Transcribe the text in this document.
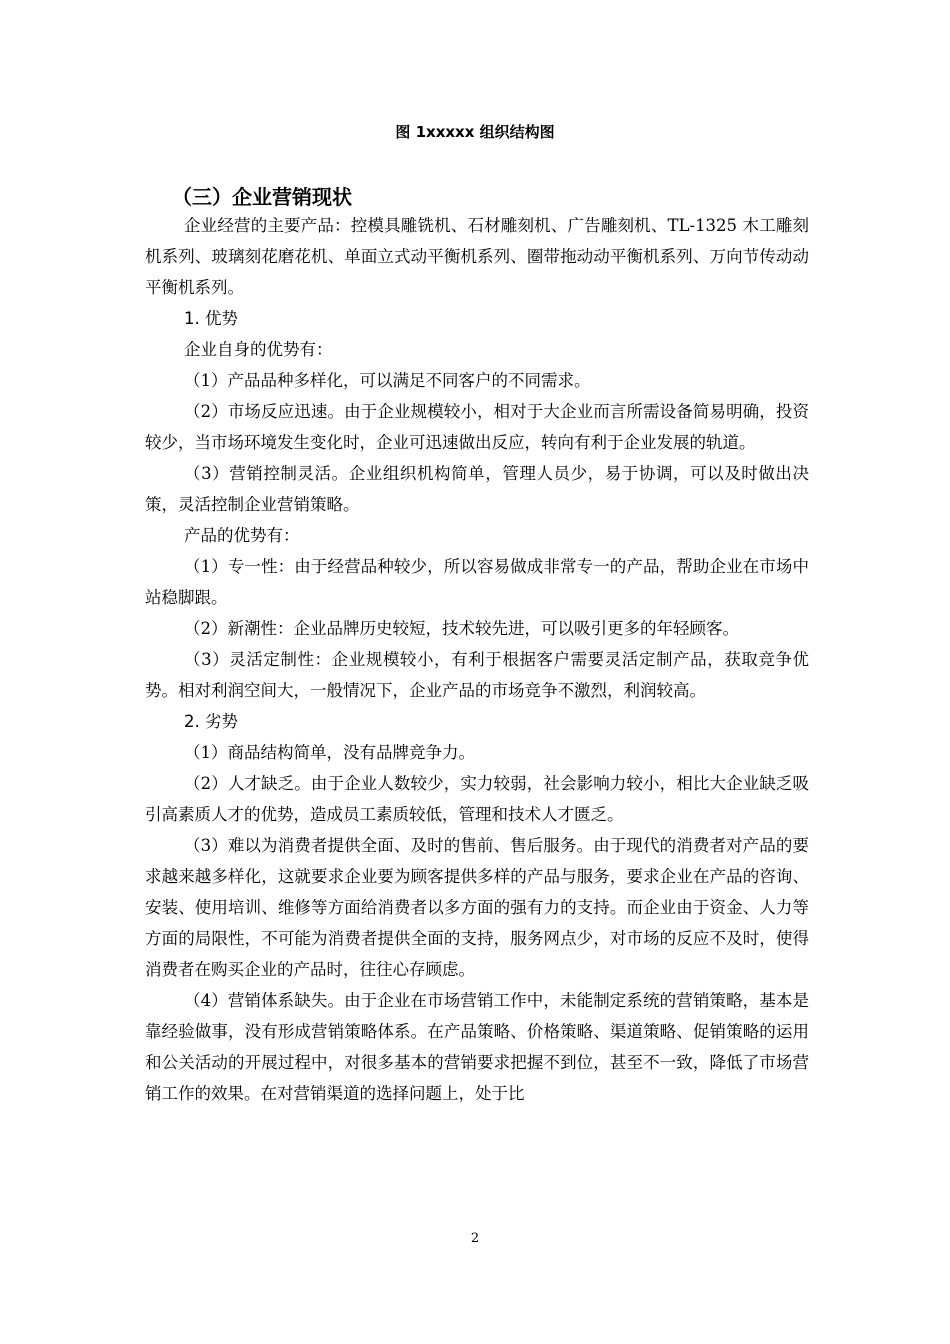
图 1xxxxx 组织结构图
（三）企业营销现状

企业经营的主要产品：控模具雕铣机、石材雕刻机、广告雕刻机、TL-1325 木工雕刻机系列、玻璃刻花磨花机、单面立式动平衡机系列、圈带拖动动平衡机系列、万向节传动动平衡机系列。

1. 优势

企业自身的优势有：

（1）产品品种多样化，可以满足不同客户的不同需求。

（2）市场反应迅速。由于企业规模较小，相对于大企业而言所需设备简易明确，投资较少，当市场环境发生变化时，企业可迅速做出反应，转向有利于企业发展的轨道。

（3）营销控制灵活。企业组织机构简单，管理人员少，易于协调，可以及时做出决策，灵活控制企业营销策略。

产品的优势有：

（1）专一性：由于经营品种较少，所以容易做成非常专一的产品，帮助企业在市场中站稳脚跟。

（2）新潮性：企业品牌历史较短，技术较先进，可以吸引更多的年轻顾客。

（3）灵活定制性：企业规模较小，有利于根据客户需要灵活定制产品，获取竞争优势。相对利润空间大，一般情况下，企业产品的市场竞争不激烈，利润较高。

2. 劣势

（1）商品结构简单，没有品牌竞争力。

（2）人才缺乏。由于企业人数较少，实力较弱，社会影响力较小，相比大企业缺乏吸引高素质人才的优势，造成员工素质较低，管理和技术人才匮乏。

（3）难以为消费者提供全面、及时的售前、售后服务。由于现代的消费者对产品的要求越来越多样化，这就要求企业要为顾客提供多样的产品与服务，要求企业在产品的咨询、安装、使用培训、维修等方面给消费者以多方面的强有力的支持。而企业由于资金、人力等方面的局限性，不可能为消费者提供全面的支持，服务网点少，对市场的反应不及时，使得消费者在购买企业的产品时，往往心存顾虑。

（4）营销体系缺失。由于企业在市场营销工作中，未能制定系统的营销策略，基本是靠经验做事，没有形成营销策略体系。在产品策略、价格策略、渠道策略、促销策略的运用和公关活动的开展过程中，对很多基本的营销要求把握不到位，甚至不一致，降低了市场营销工作的效果。在对营销渠道的选择问题上，处于比

2
